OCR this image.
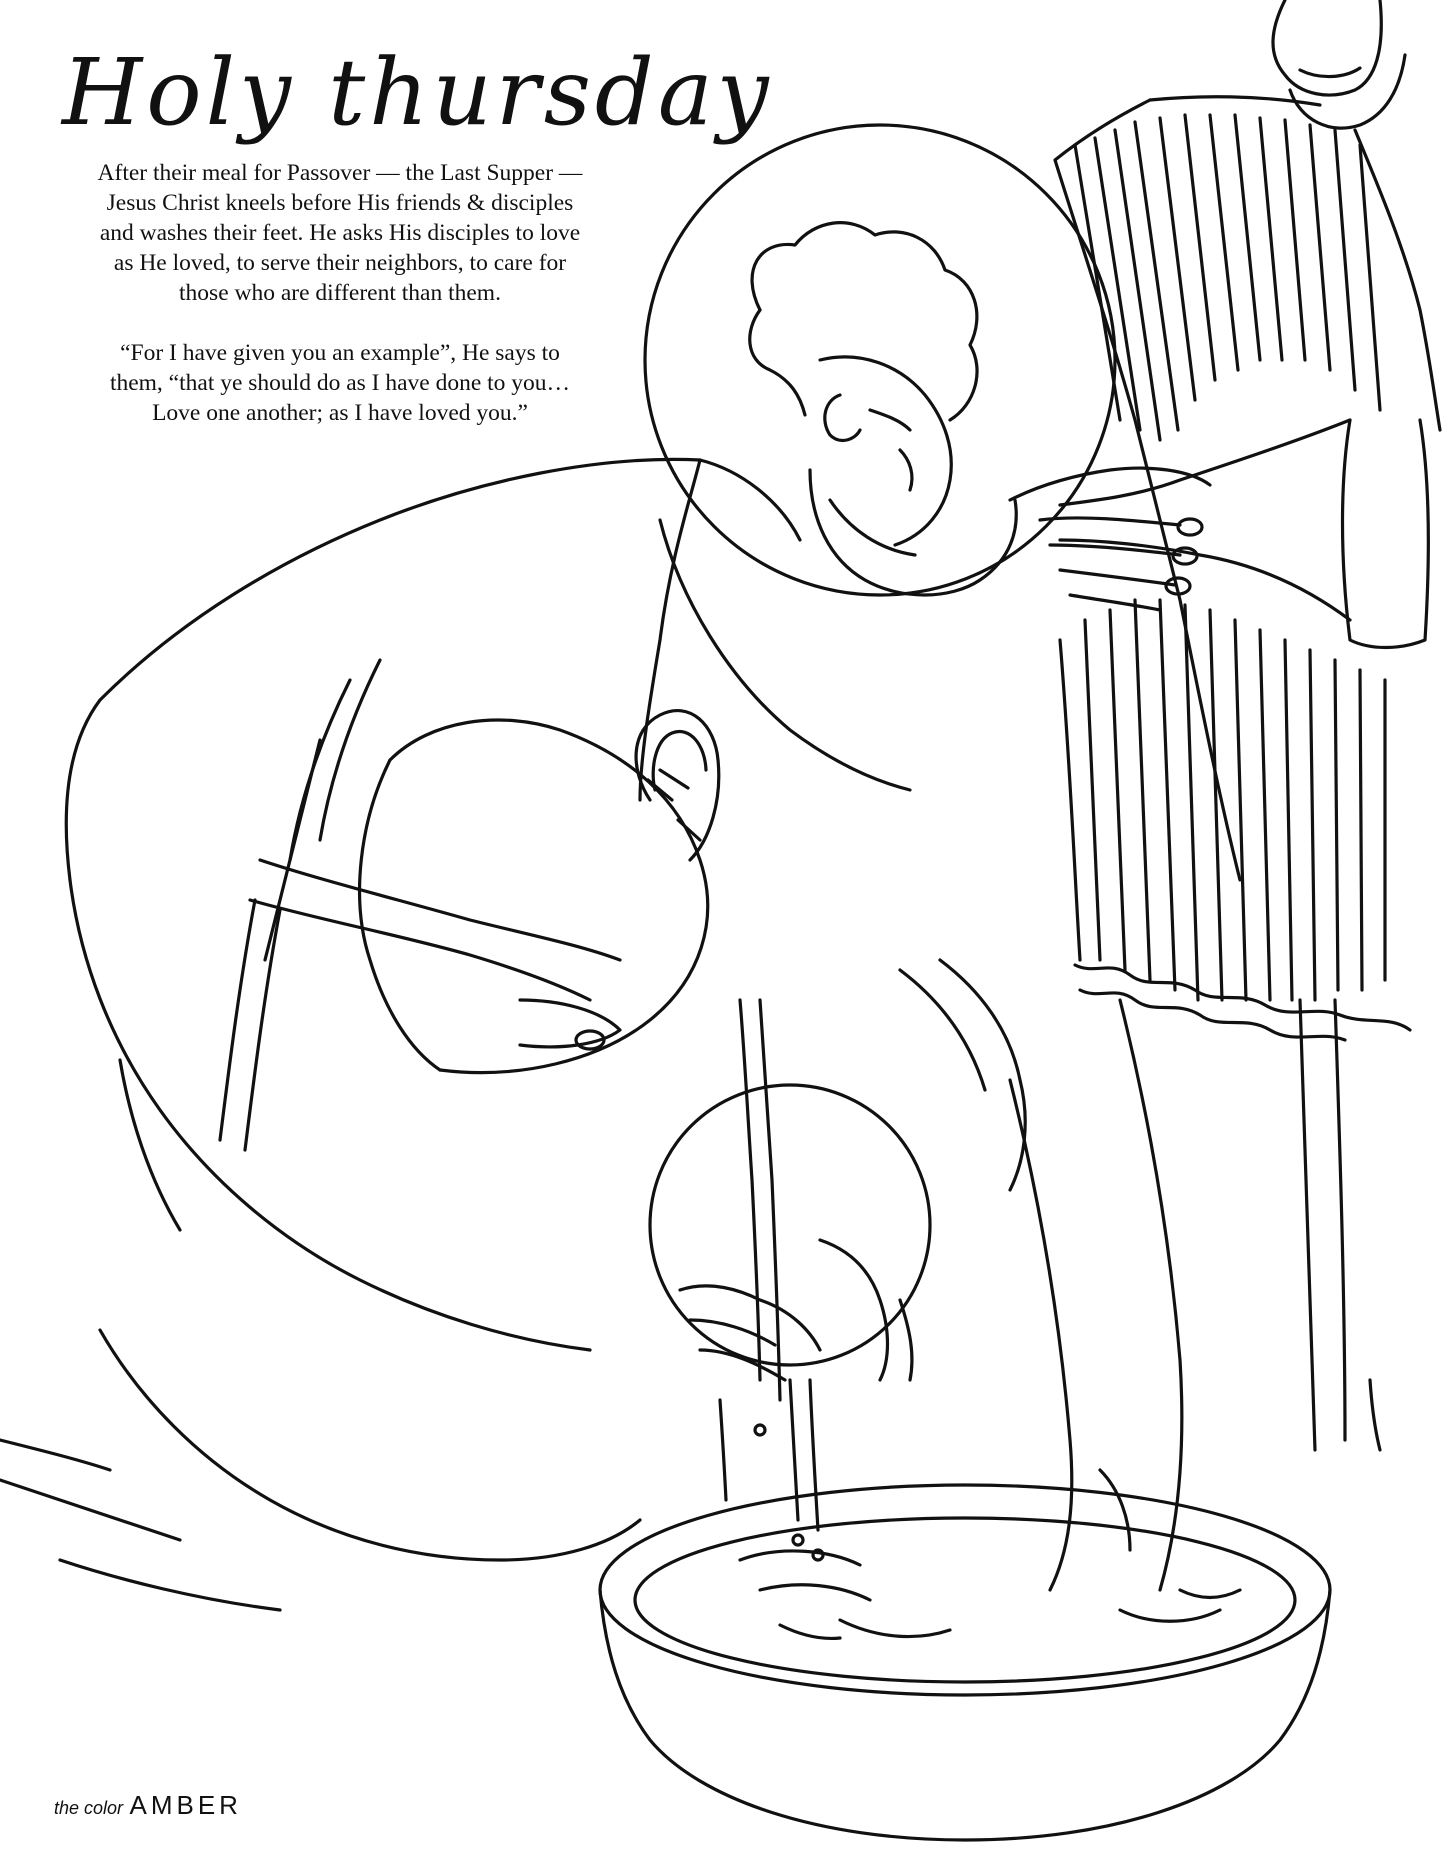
Holy thursday

After their meal for Passover — the Last Supper —

Jesus Christ kneels before His friends & disciples

and washes their feet. He asks His disciples to love

as He loved, to serve their neighbors, to care for

those who are different than them.

“For I have given you an example”, He says to

them, “that ye should do as I have done to you…

Love one another; as I have loved you.”

the color AMBER
